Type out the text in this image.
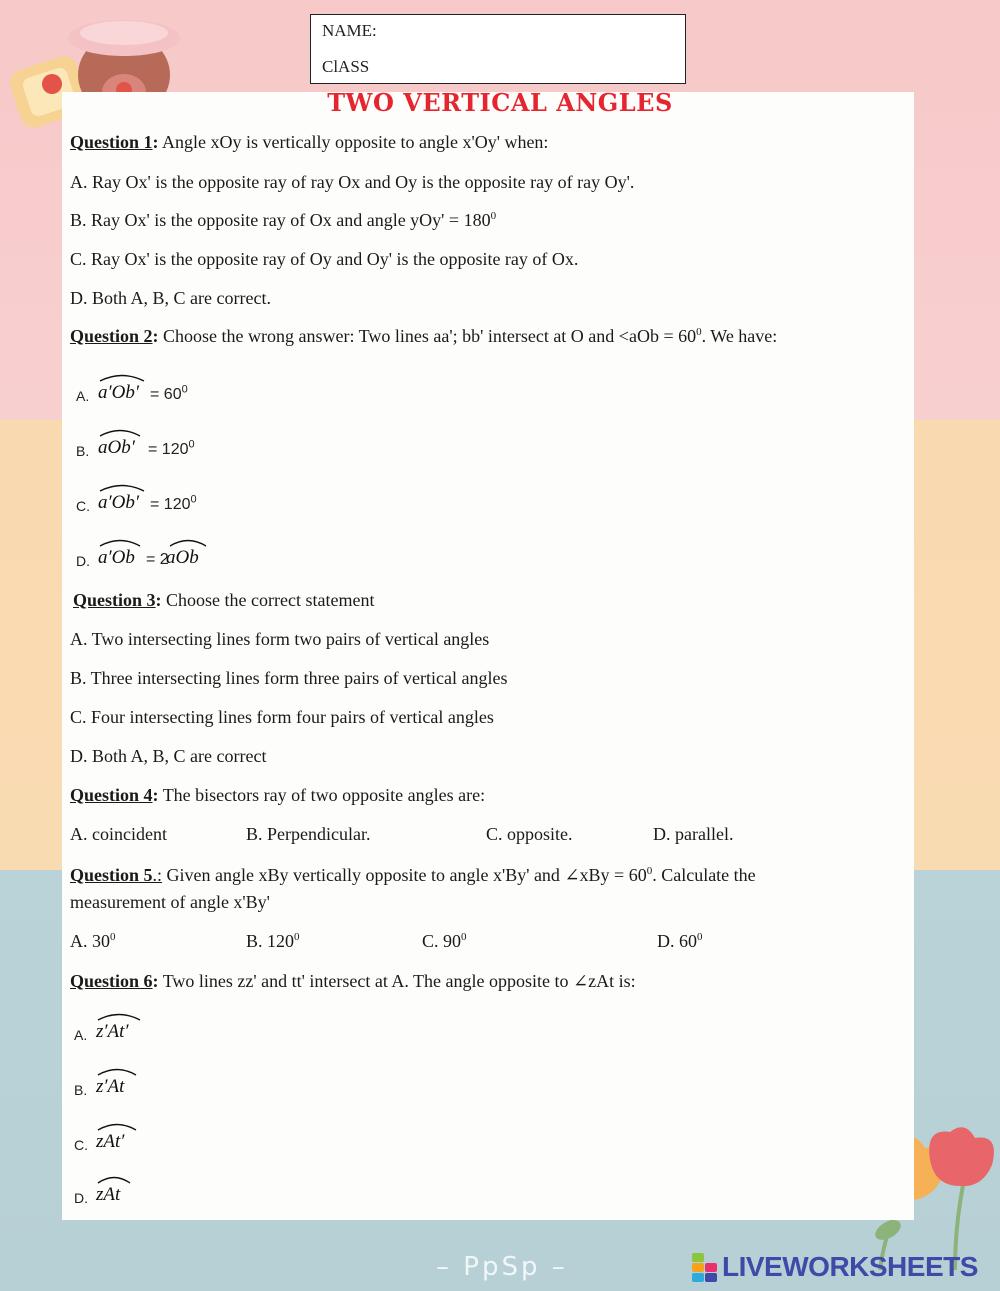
NAME:
ClASS
TWO VERTICAL ANGLES
Question 1: Angle xOy is vertically opposite to angle x'Oy' when:
A. Ray Ox' is the opposite ray of ray Ox and Oy is the opposite ray of ray Oy'.
B. Ray Ox' is the opposite ray of Ox and angle $yOy' = 180^0$
C. Ray Ox' is the opposite ray of Oy and Oy' is the opposite ray of Ox.
D. Both A, B, C are correct.
Question 2: Choose the wrong answer: Two lines aa'; bb' intersect at O and $<aOb = 60^0$. We have:
A. $a'Ob' = 60^0$
B. $aOb' = 120^0$
C. $a'Ob' = 120^0$
D. a′Ob = 2
aOb
Question 3: Choose the correct statement
A. Two intersecting lines form two pairs of vertical angles
B. Three intersecting lines form three pairs of vertical angles
C. Four intersecting lines form four pairs of vertical angles
D. Both A, B, C are correct
Question 4: The bisectors ray of two opposite angles are:
A. coincident	B. Perpendicular.	C. opposite.	D. parallel.
Question 5.: Given angle xBy vertically opposite to angle x'By' and ∠xBy = $60^0$. Calculate the
measurement of angle x'By'
A. $30^0$	B. $120^0$	C. $90^0$	D. $60^0$
Question 6: Two lines zz' and tt' intersect at A. The angle opposite to ∠zAt is:
A. z′At′
B. z′At
C. zAt′
D. zAt
– PpSp –	LIVEWORKSHEETS
